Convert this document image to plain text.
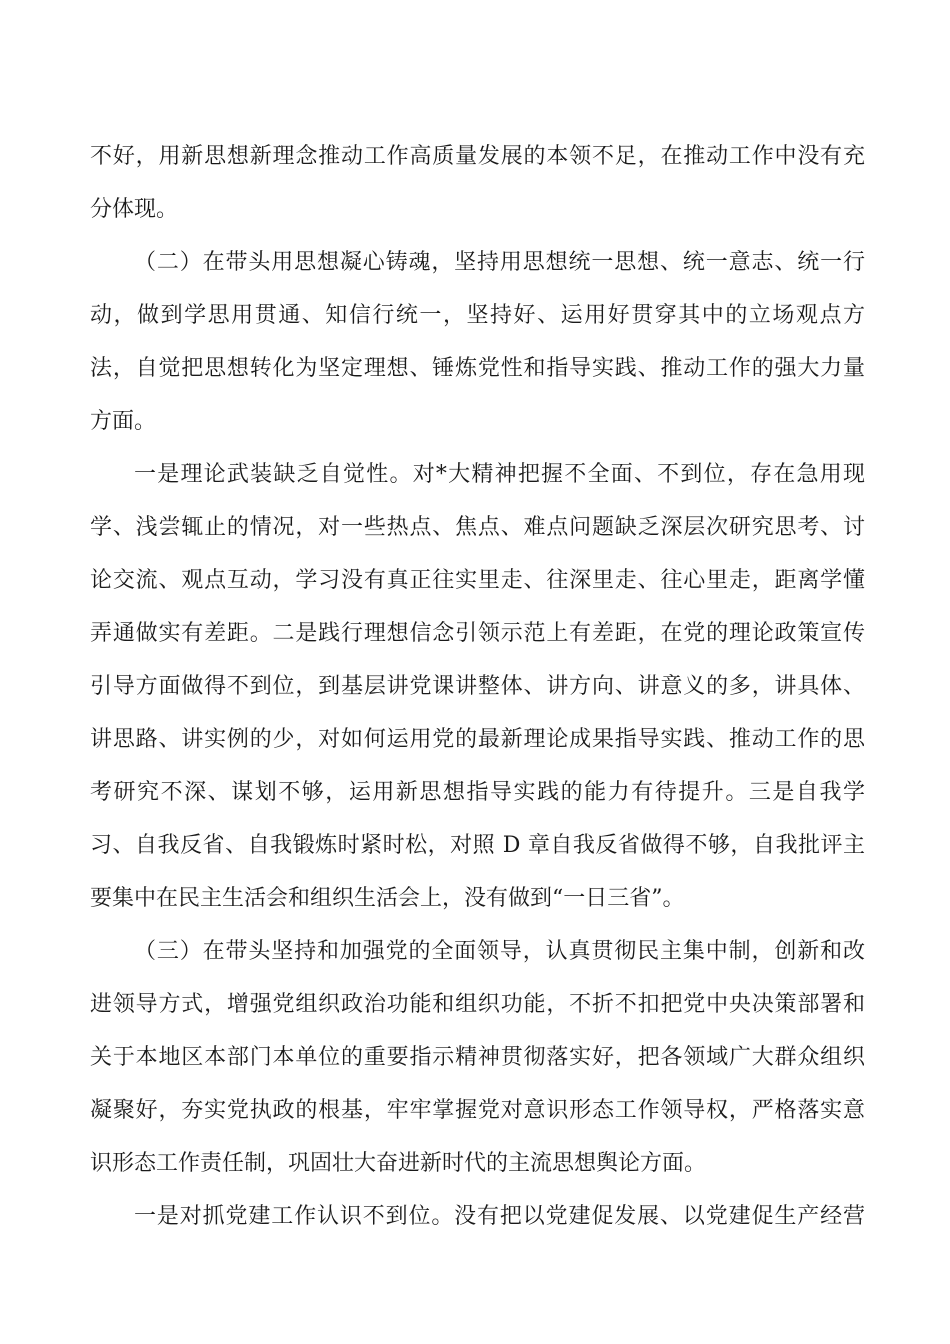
不好，用新思想新理念推动工作高质量发展的本领不足，在推动工作中没有充
分体现。
（二）在带头用思想凝心铸魂，坚持用思想统一思想、统一意志、统一行
动，做到学思用贯通、知信行统一，坚持好、运用好贯穿其中的立场观点方
法，自觉把思想转化为坚定理想、锤炼党性和指导实践、推动工作的强大力量
方面。
一是理论武装缺乏自觉性。对*大精神把握不全面、不到位，存在急用现
学、浅尝辄止的情况，对一些热点、焦点、难点问题缺乏深层次研究思考、讨
论交流、观点互动，学习没有真正往实里走、往深里走、往心里走，距离学懂
弄通做实有差距。二是践行理想信念引领示范上有差距，在党的理论政策宣传
引导方面做得不到位，到基层讲党课讲整体、讲方向、讲意义的多，讲具体、
讲思路、讲实例的少，对如何运用党的最新理论成果指导实践、推动工作的思
考研究不深、谋划不够，运用新思想指导实践的能力有待提升。三是自我学
习、自我反省、自我锻炼时紧时松，对照 D 章自我反省做得不够，自我批评主
要集中在民主生活会和组织生活会上，没有做到“一日三省”。
（三）在带头坚持和加强党的全面领导，认真贯彻民主集中制，创新和改
进领导方式，增强党组织政治功能和组织功能，不折不扣把党中央决策部署和
关于本地区本部门本单位的重要指示精神贯彻落实好，把各领域广大群众组织
凝聚好，夯实党执政的根基，牢牢掌握党对意识形态工作领导权，严格落实意
识形态工作责任制，巩固壮大奋进新时代的主流思想舆论方面。
一是对抓党建工作认识不到位。没有把以党建促发展、以党建促生产经营
